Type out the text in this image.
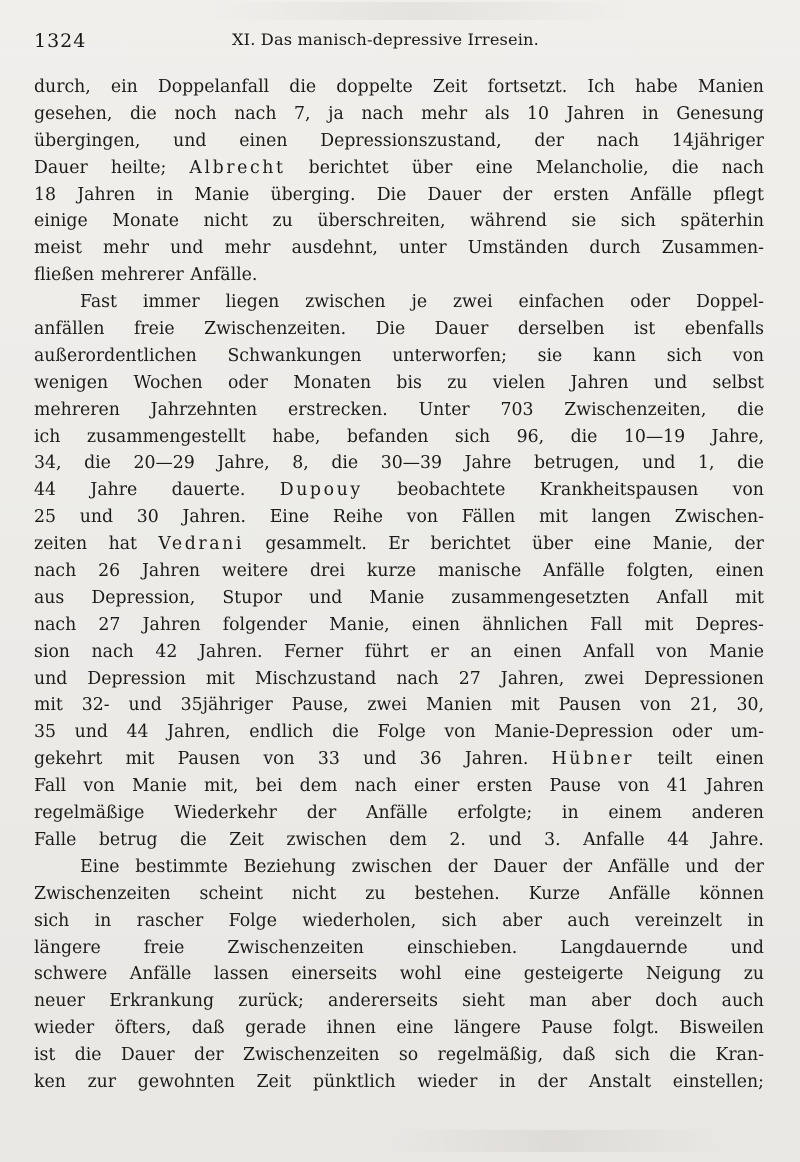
1324	XI. Das manisch-depressive Irresein.
durch, ein Doppelanfall die doppelte Zeit fortsetzt. Ich habe Manien
gesehen, die noch nach 7, ja nach mehr als 10 Jahren in Genesung
übergingen, und einen Depressionszustand, der nach 14jähriger
Dauer heilte; Albrecht berichtet über eine Melancholie, die nach
18 Jahren in Manie überging. Die Dauer der ersten Anfälle pflegt
einige Monate nicht zu überschreiten, während sie sich späterhin
meist mehr und mehr ausdehnt, unter Umständen durch Zusammen-
fließen mehrerer Anfälle.
Fast immer liegen zwischen je zwei einfachen oder Doppel-
anfällen freie Zwischenzeiten. Die Dauer derselben ist ebenfalls
außerordentlichen Schwankungen unterworfen; sie kann sich von
wenigen Wochen oder Monaten bis zu vielen Jahren und selbst
mehreren Jahrzehnten erstrecken. Unter 703 Zwischenzeiten, die
ich zusammengestellt habe, befanden sich 96, die 10—19 Jahre,
34, die 20—29 Jahre, 8, die 30—39 Jahre betrugen, und 1, die
44 Jahre dauerte. Dupouy beobachtete Krankheitspausen von
25 und 30 Jahren. Eine Reihe von Fällen mit langen Zwischen-
zeiten hat Vedrani gesammelt. Er berichtet über eine Manie, der
nach 26 Jahren weitere drei kurze manische Anfälle folgten, einen
aus Depression, Stupor und Manie zusammengesetzten Anfall mit
nach 27 Jahren folgender Manie, einen ähnlichen Fall mit Depres-
sion nach 42 Jahren. Ferner führt er an einen Anfall von Manie
und Depression mit Mischzustand nach 27 Jahren, zwei Depressionen
mit 32- und 35jähriger Pause, zwei Manien mit Pausen von 21, 30,
35 und 44 Jahren, endlich die Folge von Manie-Depression oder um-
gekehrt mit Pausen von 33 und 36 Jahren. Hübner teilt einen
Fall von Manie mit, bei dem nach einer ersten Pause von 41 Jahren
regelmäßige Wiederkehr der Anfälle erfolgte; in einem anderen
Falle betrug die Zeit zwischen dem 2. und 3. Anfalle 44 Jahre.
Eine bestimmte Beziehung zwischen der Dauer der Anfälle und der
Zwischenzeiten scheint nicht zu bestehen. Kurze Anfälle können
sich in rascher Folge wiederholen, sich aber auch vereinzelt in
längere freie Zwischenzeiten einschieben. Langdauernde und
schwere Anfälle lassen einerseits wohl eine gesteigerte Neigung zu
neuer Erkrankung zurück; andererseits sieht man aber doch auch
wieder öfters, daß gerade ihnen eine längere Pause folgt. Bisweilen
ist die Dauer der Zwischenzeiten so regelmäßig, daß sich die Kran-
ken zur gewohnten Zeit pünktlich wieder in der Anstalt einstellen;
